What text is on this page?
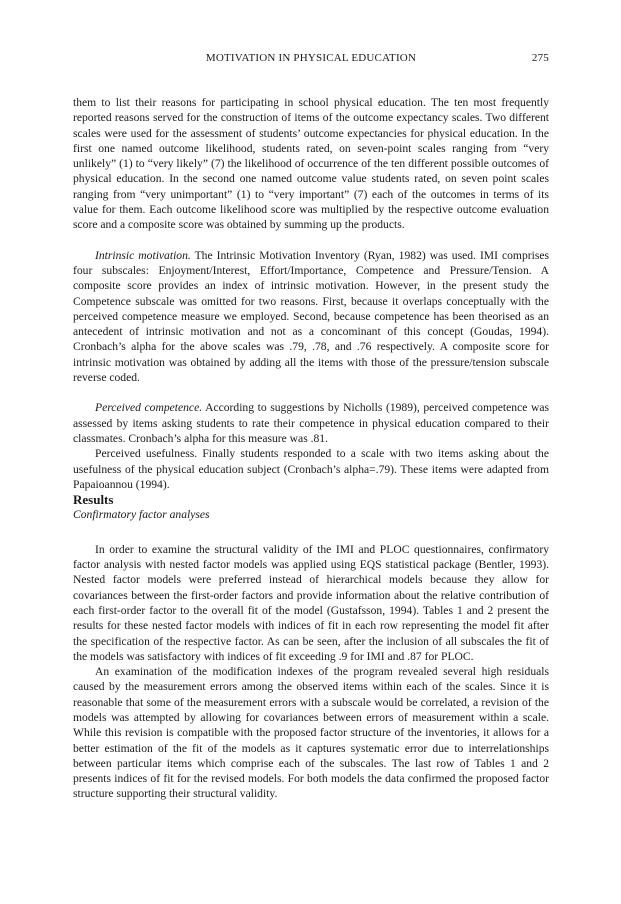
MOTIVATION IN PHYSICAL EDUCATION	275

them to list their reasons for participating in school physical education. The ten most frequently reported reasons served for the construction of items of the outcome expectancy scales. Two different scales were used for the assessment of students’ outcome expectancies for physical education. In the first one named outcome likelihood, students rated, on seven-point scales ranging from “very unlikely” (1) to “very likely” (7) the likelihood of occurrence of the ten different possible outcomes of physical education. In the second one named outcome value students rated, on seven point scales ranging from “very unimportant” (1) to “very important” (7) each of the outcomes in terms of its value for them. Each outcome likelihood score was multiplied by the respective outcome evaluation score and a composite score was obtained by summing up the products.

Intrinsic motivation. The Intrinsic Motivation Inventory (Ryan, 1982) was used. IMI comprises four subscales: Enjoyment/Interest, Effort/Importance, Competence and Pressure/Tension. A composite score provides an index of intrinsic motivation. However, in the present study the Competence subscale was omitted for two reasons. First, because it overlaps conceptually with the perceived competence measure we employed. Second, because competence has been theorised as an antecedent of intrinsic motivation and not as a concominant of this concept (Goudas, 1994). Cronbach’s alpha for the above scales was .79, .78, and .76 respectively. A composite score for intrinsic motivation was obtained by adding all the items with those of the pressure/tension subscale reverse coded.

Perceived competence. According to suggestions by Nicholls (1989), perceived competence was assessed by items asking students to rate their competence in physical education compared to their classmates. Cronbach’s alpha for this measure was .81.

Perceived usefulness. Finally students responded to a scale with two items asking about the usefulness of the physical education subject (Cronbach’s alpha=.79). These items were adapted from Papaioannou (1994).

Results

Confirmatory factor analyses

In order to examine the structural validity of the IMI and PLOC questionnaires, confirmatory factor analysis with nested factor models was applied using EQS statistical package (Bentler, 1993). Nested factor models were preferred instead of hierarchical models because they allow for covariances between the first-order factors and provide information about the relative contribution of each first-order factor to the overall fit of the model (Gustafsson, 1994). Tables 1 and 2 present the results for these nested factor models with indices of fit in each row representing the model fit after the specification of the respective factor. As can be seen, after the inclusion of all subscales the fit of the models was satisfactory with indices of fit exceeding .9 for IMI and .87 for PLOC.

An examination of the modification indexes of the program revealed several high residuals caused by the measurement errors among the observed items within each of the scales. Since it is reasonable that some of the measurement errors with a subscale would be correlated, a revision of the models was attempted by allowing for covariances between errors of measurement within a scale. While this revision is compatible with the proposed factor structure of the inventories, it allows for a better estimation of the fit of the models as it captures systematic error due to interrelationships between particular items which comprise each of the subscales. The last row of Tables 1 and 2 presents indices of fit for the revised models. For both models the data confirmed the proposed factor structure supporting their structural validity.
